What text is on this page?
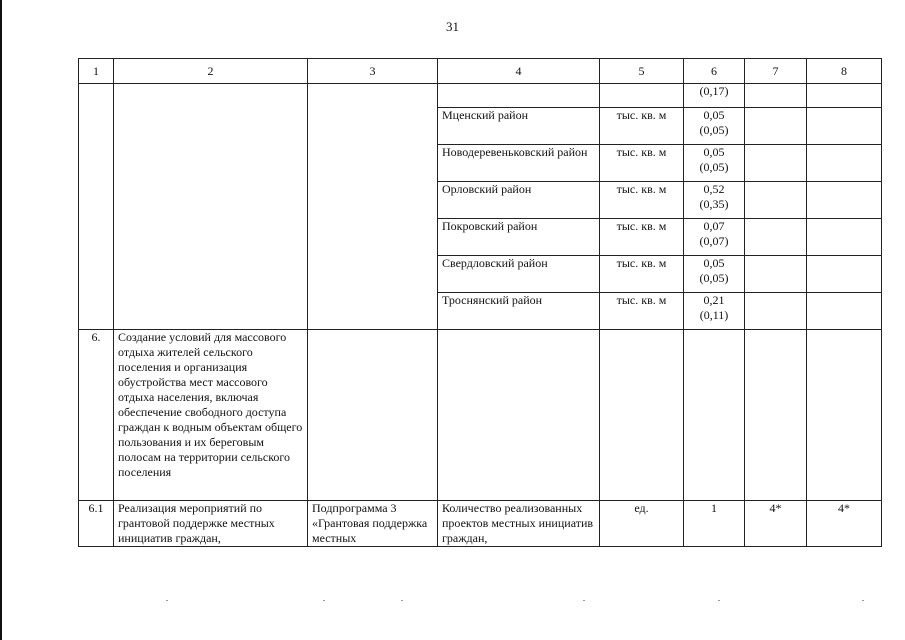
31
1	2	3	4	5	6	7	8
					(0,17)		
			Мценский район	тыс. кв. м	0,05
(0,05)		

			Новодеревеньковский район	тыс. кв. м	0,05
(0,05)		

			Орловский район	тыс. кв. м	0,52
(0,35)		

			Покровский район	тыс. кв. м	0,07
(0,07)		

			Свердловский район	тыс. кв. м	0,05
(0,05)		

			Троснянский район	тыс. кв. м	0,21
(0,11)		

6.	Создание условий для массового отдыха жителей сельского поселения и организация обустройства мест массового отдыха населения, включая обеспечение свободного доступа граждан к водным объектам общего пользования и их береговым полосам на территории сельского поселения						
6.1	Реализация мероприятий по грантовой поддержке местных инициатив граждан,	Подпрограмма 3 «Грантовая поддержка местных	Количество реализованных проектов местных инициатив граждан,	ед.	1	4*	4*
